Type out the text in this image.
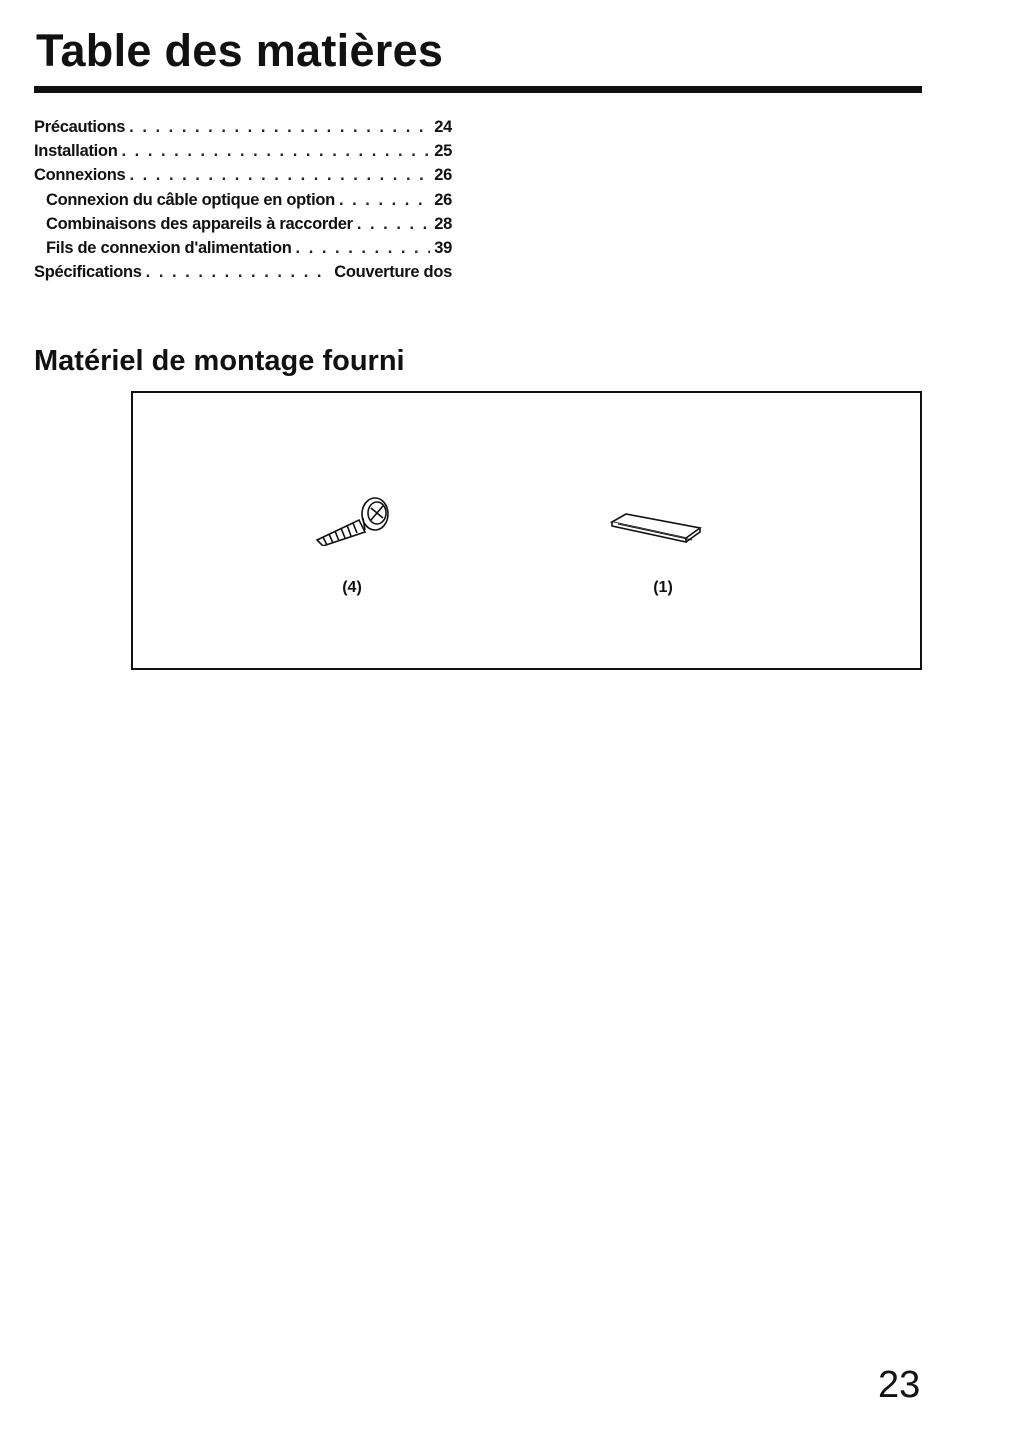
Table des matières
Précautions . . .	24
Installation . . .	25
Connexions . . .	26
Connexion du câble optique en option . . .	26
Combinaisons des appareils à raccorder . . .	28
Fils de connexion d'alimentation . . .	39
Spécifications . . .	Couverture dos
Matériel de montage fourni
(4)	(1)
23
